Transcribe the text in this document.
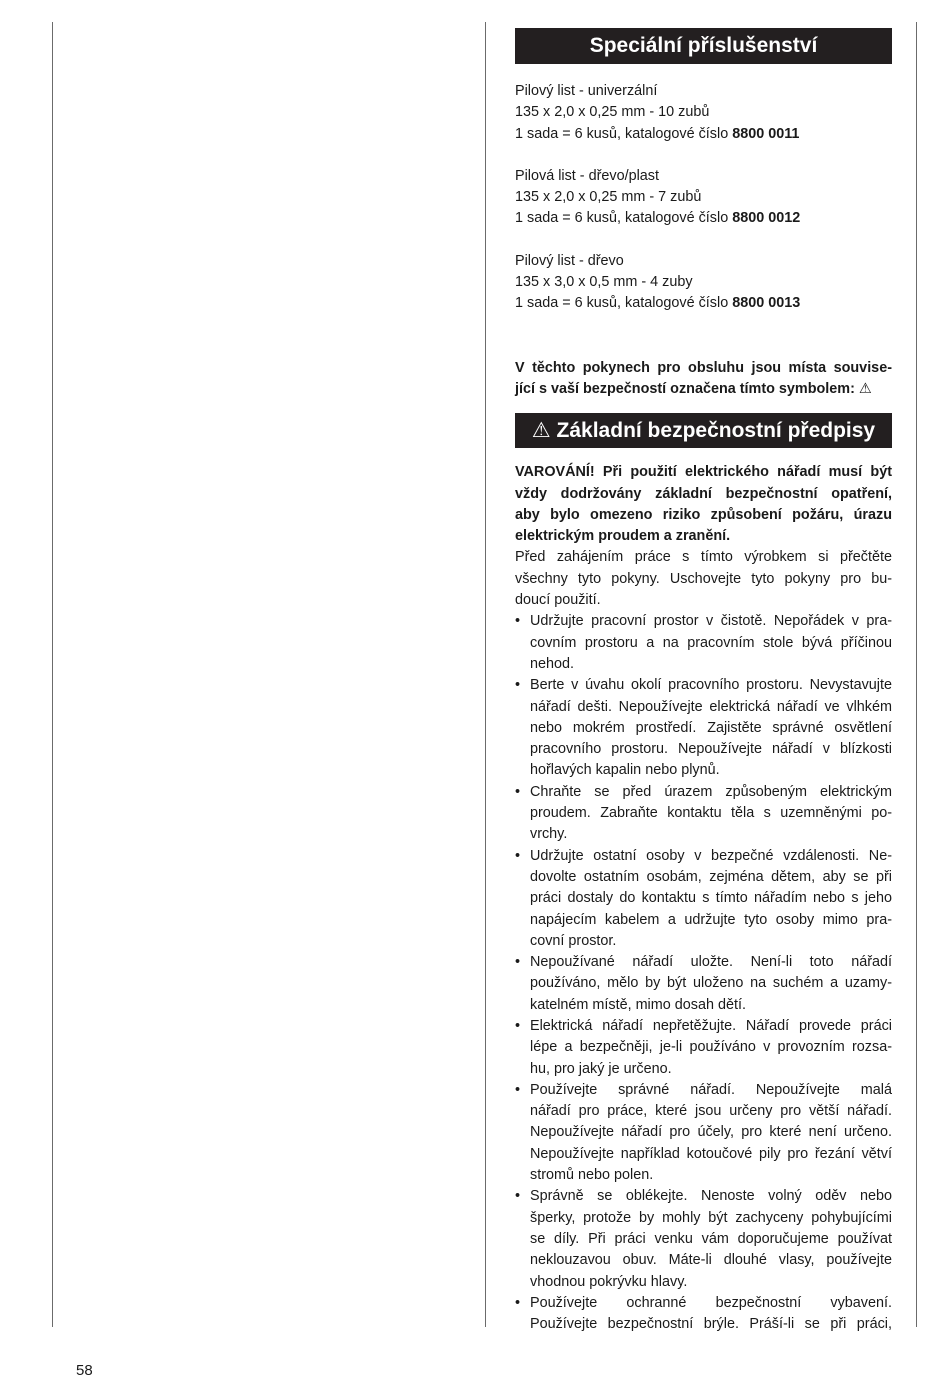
Speciální příslušenství
Pilový list - univerzální
135 x 2,0 x 0,25 mm - 10 zubů
1 sada = 6 kusů, katalogové číslo 8800 0011
Pilová list - dřevo/plast
135 x 2,0 x 0,25 mm - 7 zubů
1 sada = 6 kusů, katalogové číslo 8800 0012
Pilový list - dřevo
135 x 3,0 x 0,5 mm - 4 zuby
1 sada = 6 kusů, katalogové číslo 8800 0013
V těchto pokynech pro obsluhu jsou místa souvise-
jící s vaší bezpečností označena tímto symbolem: ⚠
⚠ Základní bezpečnostní předpisy
VAROVÁNÍ! Při použití elektrického nářadí musí být
vždy dodržovány základní bezpečnostní opatření,
aby bylo omezeno riziko způsobení požáru, úrazu
elektrickým proudem a zranění.
Před zahájením práce s tímto výrobkem si přečtěte
všechny tyto pokyny. Uschovejte tyto pokyny pro bu-
doucí použití.
• Udržujte pracovní prostor v čistotě. Nepořádek v pra-
covním prostoru a na pracovním stole bývá příčinou
nehod.
• Berte v úvahu okolí pracovního prostoru. Nevystavujte
nářadí dešti. Nepoužívejte elektrická nářadí ve vlhkém
nebo mokrém prostředí. Zajistěte správné osvětlení
pracovního prostoru. Nepoužívejte nářadí v blízkosti
hořlavých kapalin nebo plynů.
• Chraňte se před úrazem způsobeným elektrickým
proudem. Zabraňte kontaktu těla s uzemněnými po-
vrchy.
• Udržujte ostatní osoby v bezpečné vzdálenosti. Ne-
dovolte ostatním osobám, zejména dětem, aby se při
práci dostaly do kontaktu s tímto nářadím nebo s jeho
napájecím kabelem a udržujte tyto osoby mimo pra-
covní prostor.
• Nepoužívané nářadí uložte. Není-li toto nářadí
používáno, mělo by být uloženo na suchém a uzamy-
katelném místě, mimo dosah dětí.
• Elektrická nářadí nepřetěžujte. Nářadí provede práci
lépe a bezpečněji, je-li používáno v provozním rozsa-
hu, pro jaký je určeno.
• Používejte správné nářadí. Nepoužívejte malá
nářadí pro práce, které jsou určeny pro větší nářadí.
Nepoužívejte nářadí pro účely, pro které není určeno.
Nepoužívejte například kotoučové pily pro řezání větví
stromů nebo polen.
• Správně se oblékejte. Nenoste volný oděv nebo
šperky, protože by mohly být zachyceny pohybujícími
se díly. Při práci venku vám doporučujeme používat
neklouzavou obuv. Máte-li dlouhé vlasy, používejte
vhodnou pokrývku hlavy.
• Používejte ochranné bezpečnostní vybavení.
Používejte bezpečnostní brýle. Práší-li se při práci,
58
